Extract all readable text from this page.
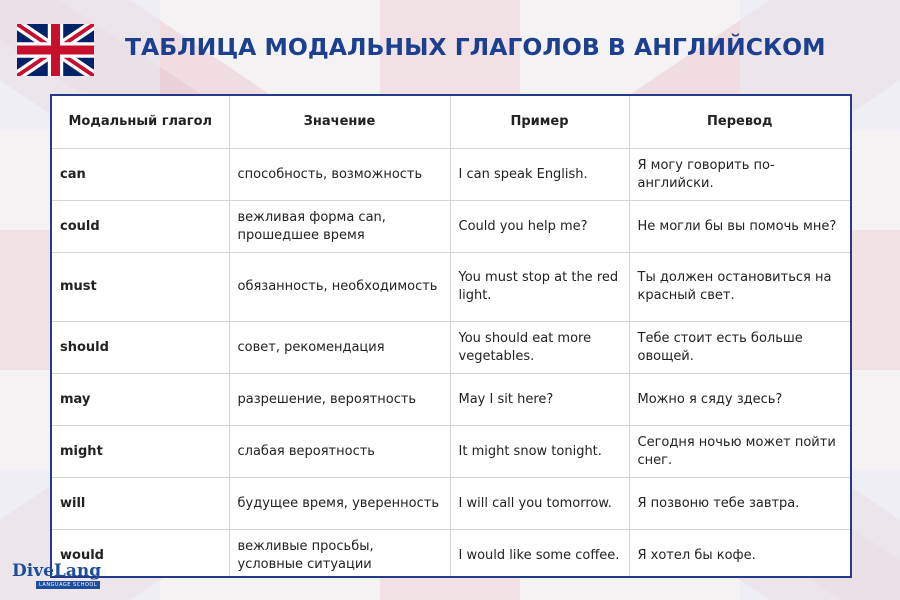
ТАБЛИЦА МОДАЛЬНЫХ ГЛАГОЛОВ В АНГЛИЙСКОМ
Модальный глагол	Значение	Пример	Перевод
can	способность, возможность	I can speak English.	Я могу говорить по-английски.
could	вежливая форма can, прошедшее время	Could you help me?	Не могли бы вы помочь мне?
must	обязанность, необходимость	You must stop at the red light.	Ты должен остановиться на красный свет.
should	совет, рекомендация	You should eat more vegetables.	Тебе стоит есть больше овощей.
may	разрешение, вероятность	May I sit here?	Можно я сяду здесь?
might	слабая вероятность	It might snow tonight.	Сегодня ночью может пойти снег.
will	будущее время, уверенность	I will call you tomorrow.	Я позвоню тебе завтра.
would	вежливые просьбы, условные ситуации	I would like some coffee.	Я хотел бы кофе.
DiveLang
LANGUAGE SCHOOL
